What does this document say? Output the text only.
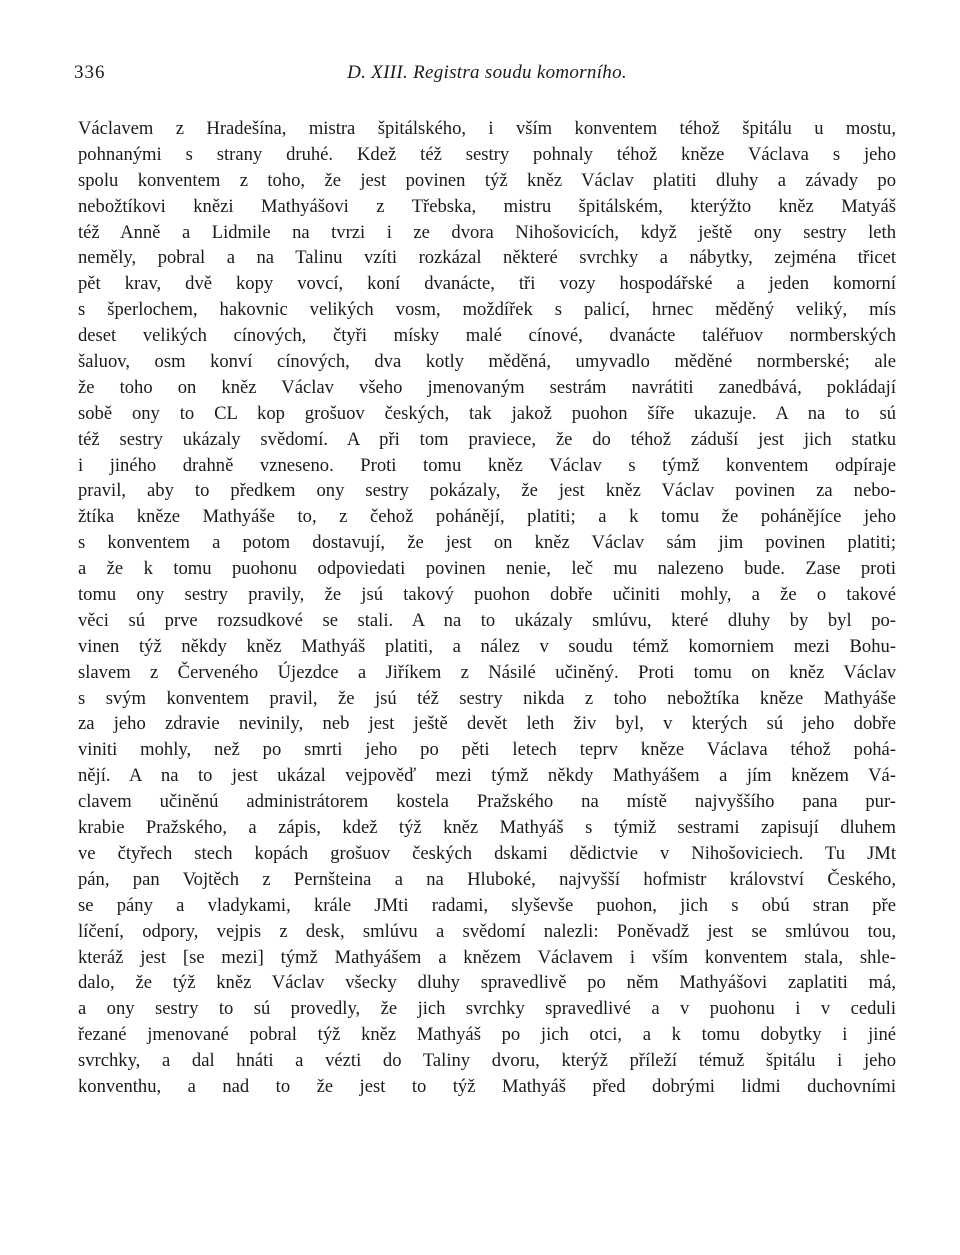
336	D. XIII. Registra soudu komorního.
Václavem z Hradešína, mistra špitálského, i vším konventem téhož špitálu u mostu,
pohnanými s strany druhé. Kdež též sestry pohnaly téhož kněze Václava s jeho
spolu konventem z toho, že jest povinen týž kněz Václav platiti dluhy a závady po
nebožtíkovi knězi Mathyášovi z Třebska, mistru špitálském, kterýžto kněz Matyáš
též Anně a Lidmile na tvrzi i ze dvora Nihošovicích, když ještě ony sestry leth
neměly, pobral a na Talinu vzíti rozkázal některé svrchky a nábytky, zejména třicet
pět krav, dvě kopy vovcí, koní dvanácte, tři vozy hospodářské a jeden komorní
s šperlochem, hakovnic velikých vosm, moždířek s palicí, hrnec měděný veliký, mís
deset velikých cínových, čtyři mísky malé cínové, dvanácte taléřuov normberských
šaluov, osm konví cínových, dva kotly měděná, umyvadlo měděné normberské; ale
že toho on kněz Václav všeho jmenovaným sestrám navrátiti zanedbává, pokládají
sobě ony to CL kop grošuov českých, tak jakož puohon šíře ukazuje. A na to sú
též sestry ukázaly svědomí. A při tom praviece, že do téhož záduší jest jich statku
i jiného drahně vzneseno. Proti tomu kněz Václav s týmž konventem odpíraje
pravil, aby to předkem ony sestry pokázaly, že jest kněz Václav povinen za nebo-
žtíka kněze Mathyáše to, z čehož pohánějí, platiti; a k tomu že pohánějíce jeho
s konventem a potom dostavují, že jest on kněz Václav sám jim povinen platiti;
a že k tomu puohonu odpoviedati povinen nenie, leč mu nalezeno bude. Zase proti
tomu ony sestry pravily, že jsú takový puohon dobře učiniti mohly, a že o takové
věci sú prve rozsudkové se stali. A na to ukázaly smlúvu, které dluhy by byl po-
vinen týž někdy kněz Mathyáš platiti, a nález v soudu témž komorniem mezi Bohu-
slavem z Červeného Újezdce a Jiříkem z Násilé učiněný. Proti tomu on kněz Václav
s svým konventem pravil, že jsú též sestry nikda z toho nebožtíka kněze Mathyáše
za jeho zdravie nevinily, neb jest ještě devět leth živ byl, v kterých sú jeho dobře
viniti mohly, než po smrti jeho po pěti letech teprv kněze Václava téhož pohá-
nějí. A na to jest ukázal vejpověď mezi týmž někdy Mathyášem a jím knězem Vá-
clavem učiněnú administrátorem kostela Pražského na místě najvyššího pana pur-
krabie Pražského, a zápis, kdež týž kněz Mathyáš s týmiž sestrami zapisují dluhem
ve čtyřech stech kopách grošuov českých dskami dědictvie v Nihošoviciech. Tu JMt
pán, pan Vojtěch z Pernšteina a na Hluboké, najvyšší hofmistr království Českého,
se pány a vladykami, krále JMti radami, slyševše puohon, jich s obú stran pře
líčení, odpory, vejpis z desk, smlúvu a svědomí nalezli: Poněvadž jest se smlúvou tou,
kteráž jest [se mezi] týmž Mathyášem a knězem Václavem i vším konventem stala, shle-
dalo, že týž kněz Václav všecky dluhy spravedlivě po něm Mathyášovi zaplatiti má,
a ony sestry to sú provedly, že jich svrchky spravedlivé a v puohonu i v ceduli
řezané jmenované pobral týž kněz Mathyáš po jich otci, a k tomu dobytky i jiné
svrchky, a dal hnáti a vézti do Taliny dvoru, kterýž příleží témuž špitálu i jeho
konventhu, a nad to že jest to týž Mathyáš před dobrými lidmi duchovními
